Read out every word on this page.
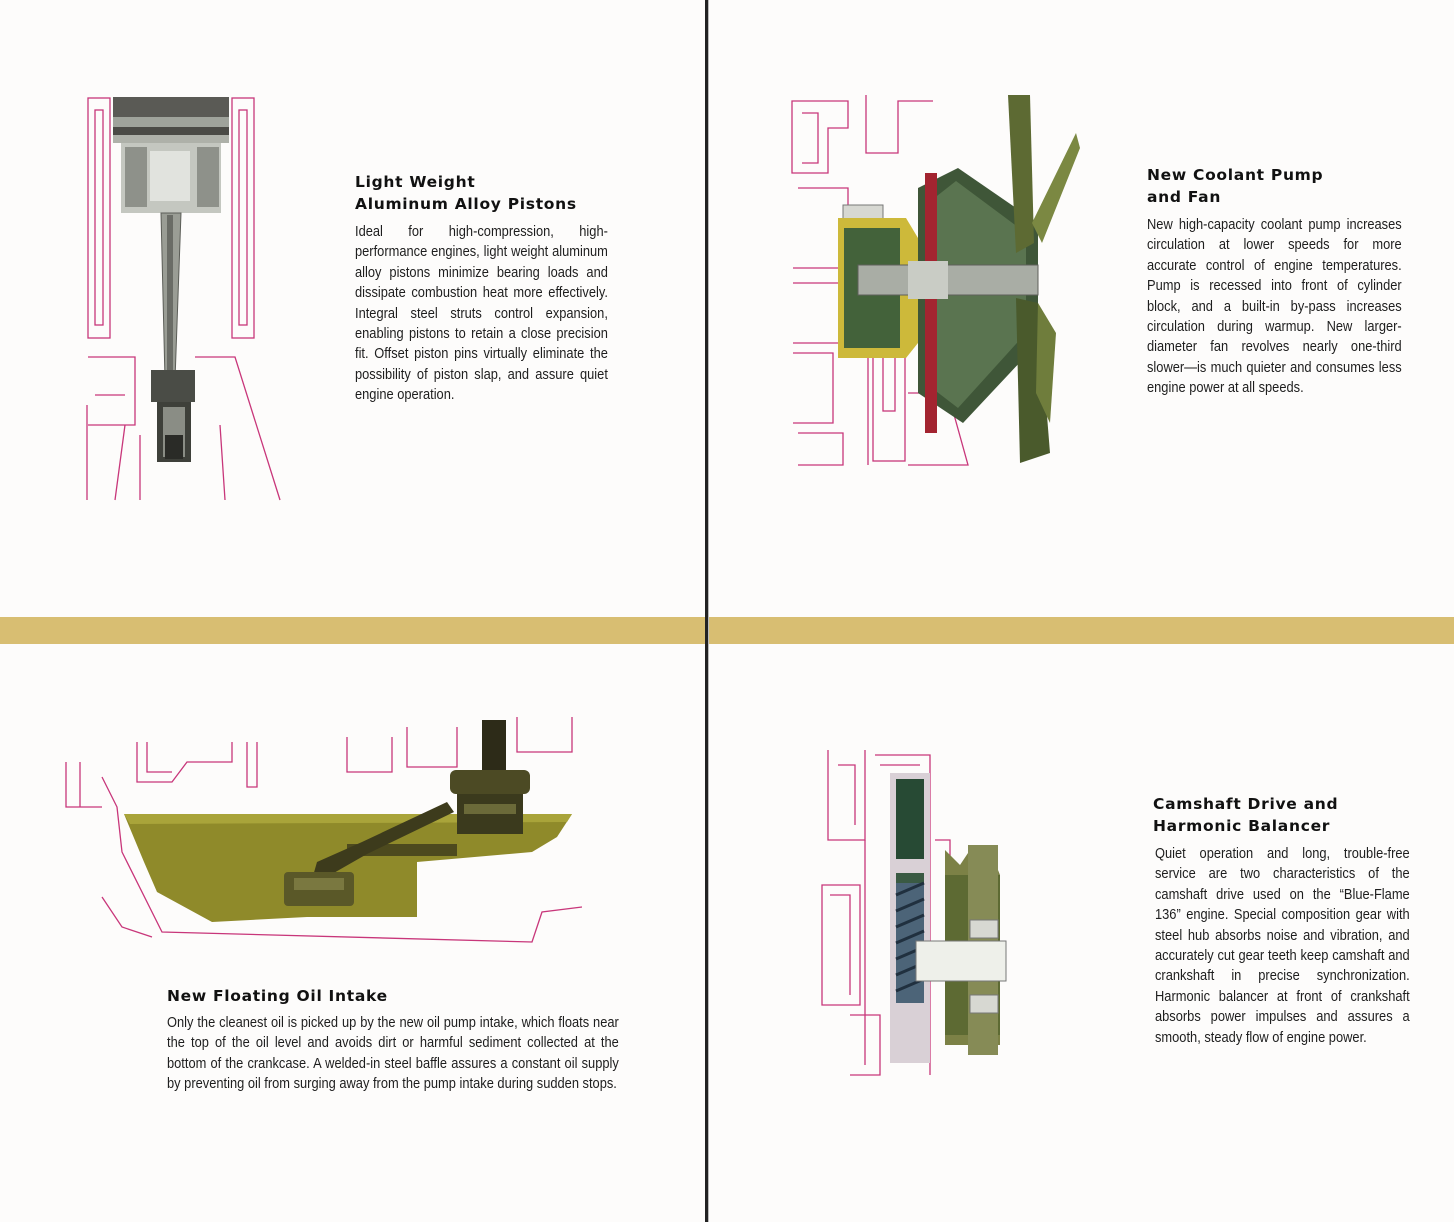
Light Weight
Aluminum Alloy Pistons

Ideal for high-compression, high-performance engines, light weight aluminum alloy pistons minimize bearing loads and dissipate combustion heat more effectively. Integral steel struts control expansion, enabling pistons to retain a close precision fit. Offset piston pins virtually eliminate the possibility of piston slap, and assure quiet engine operation.

New Coolant Pump
and Fan

New high-capacity coolant pump increases circulation at lower speeds for more accurate control of engine temperatures. Pump is recessed into front of cylinder block, and a built-in by-pass increases circulation during warmup. New larger-diameter fan revolves nearly one-third slower—is much quieter and consumes less engine power at all speeds.

New Floating Oil Intake

Only the cleanest oil is picked up by the new oil pump intake, which floats near the top of the oil level and avoids dirt or harmful sediment collected at the bottom of the crankcase. A welded-in steel baffle assures a constant oil supply by preventing oil from surging away from the pump intake during sudden stops.

Camshaft Drive and
Harmonic Balancer

Quiet operation and long, trouble-free service are two characteristics of the camshaft drive used on the “Blue-Flame 136” engine. Special composition gear with steel hub absorbs noise and vibration, and accurately cut gear teeth keep camshaft and crankshaft in precise synchronization. Harmonic balancer at front of crankshaft absorbs power impulses and assures a smooth, steady flow of engine power.
